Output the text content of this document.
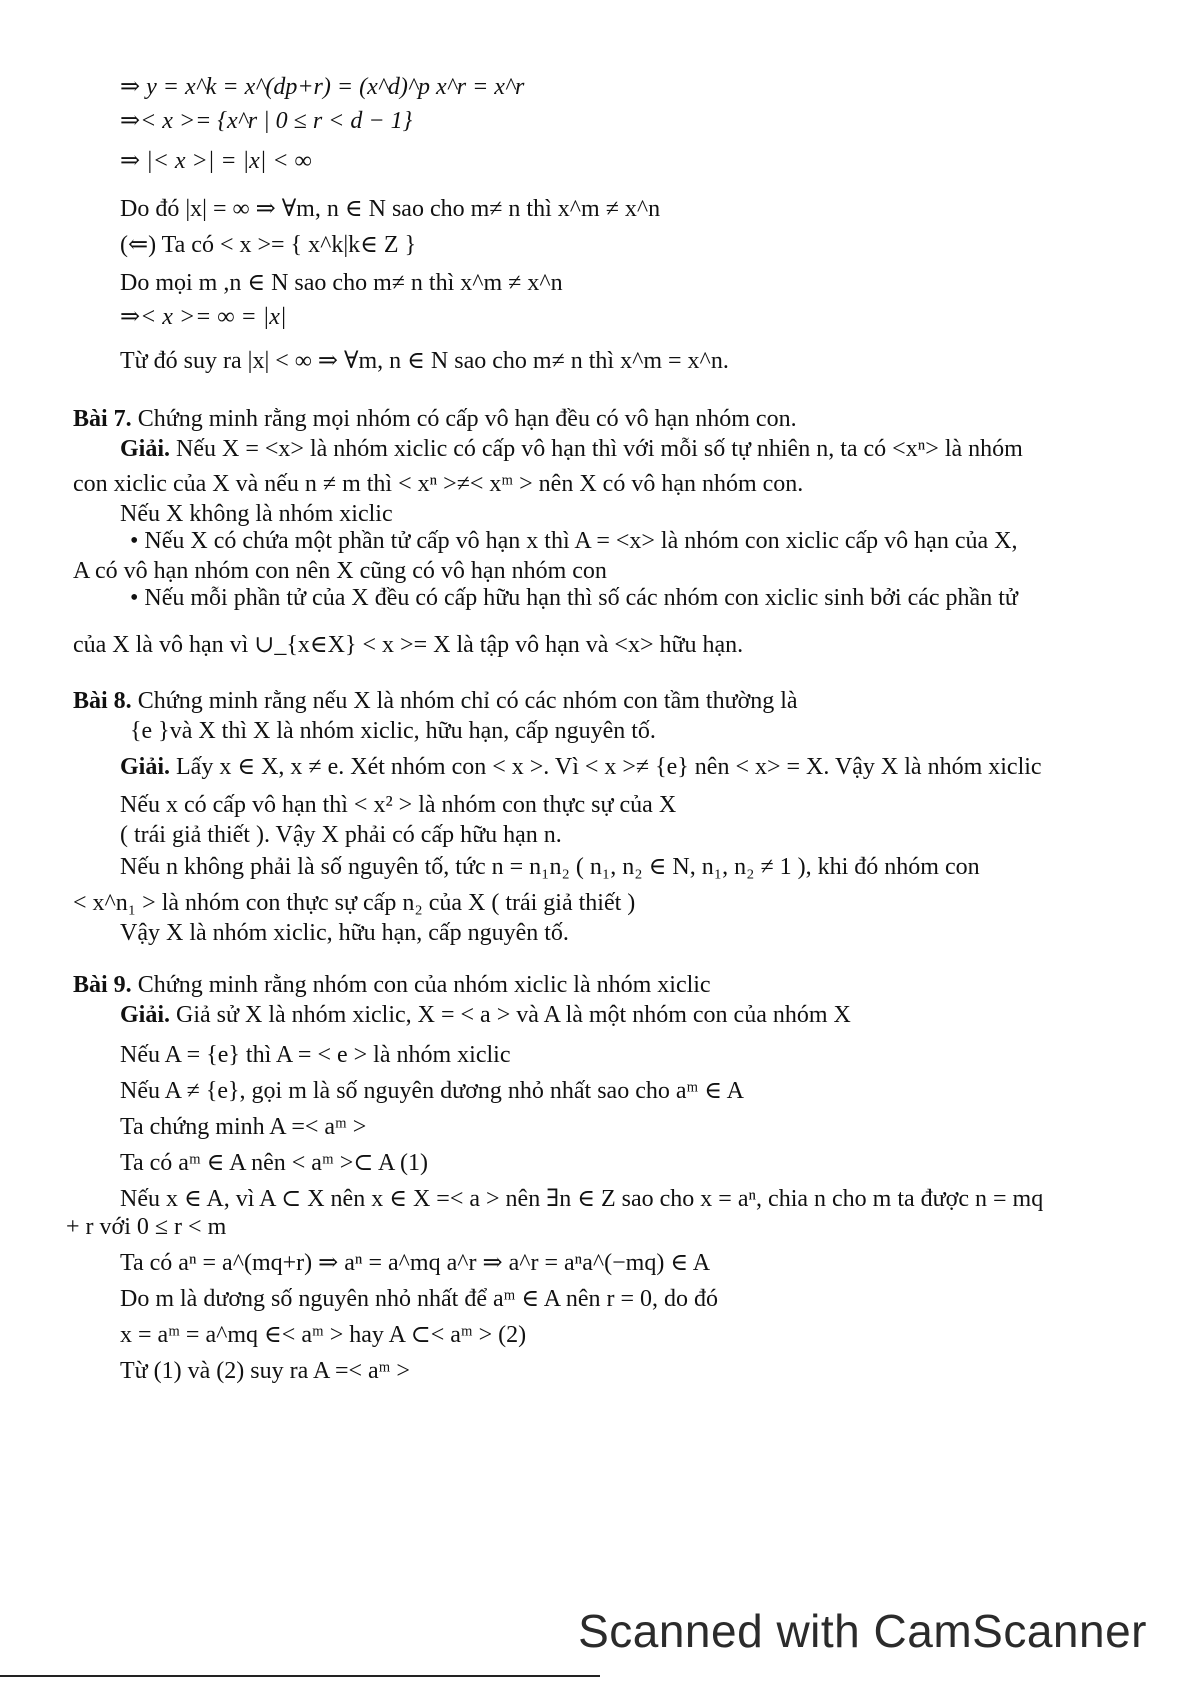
⇒ y = x^k = x^(dp+r) = (x^d)^p x^r = x^r
⇒< x >= {x^r | 0 ≤ r < d − 1}
⇒ |< x >| = |x| < ∞
Do đó |x| = ∞ ⇒ ∀m, n ∈ N sao cho m≠ n thì x^m ≠ x^n
(⇐) Ta có < x >= { x^k|k∈ Z }
Do mọi m ,n ∈ N sao cho m≠ n thì x^m ≠ x^n
⇒< x >= ∞ = |x|
Từ đó suy ra |x| < ∞ ⇒ ∀m, n ∈ N sao cho m≠ n thì x^m = x^n.
Bài 7. Chứng minh rằng mọi nhóm có cấp vô hạn đều có vô hạn nhóm con.
Giải. Nếu X = <x> là nhóm xiclic có cấp vô hạn thì với mỗi số tự nhiên n, ta có <xⁿ> là nhóm
con xiclic của X và nếu n ≠ m thì < xⁿ >≠< xᵐ > nên X có vô hạn nhóm con.
Nếu X không là nhóm xiclic
• Nếu X có chứa một phần tử cấp vô hạn x thì A = <x> là nhóm con xiclic cấp vô hạn của X,
A có vô hạn nhóm con nên X cũng có vô hạn nhóm con
• Nếu mỗi phần tử của X đều có cấp hữu hạn thì số các nhóm con xiclic sinh bởi các phần tử
của X là vô hạn vì ∪_{x∈X} < x >= X là tập vô hạn và <x> hữu hạn.
Bài 8. Chứng minh rằng nếu X là nhóm chỉ có các nhóm con tầm thường là
{e }và X thì X là nhóm xiclic, hữu hạn, cấp nguyên tố.
Giải. Lấy x ∈ X, x ≠ e. Xét nhóm con < x >. Vì < x >≠ {e} nên < x> = X. Vậy X là nhóm xiclic
Nếu x có cấp vô hạn thì < x² > là nhóm con thực sự của X
( trái giả thiết ). Vậy X phải có cấp hữu hạn n.
Nếu n không phải là số nguyên tố, tức n = n₁n₂ ( n₁, n₂ ∈ N, n₁, n₂ ≠ 1 ), khi đó nhóm con
< x^n₁ > là nhóm con thực sự cấp n₂ của X ( trái giả thiết )
Vậy X là nhóm xiclic, hữu hạn, cấp nguyên tố.
Bài 9. Chứng minh rằng nhóm con của nhóm xiclic là nhóm xiclic
Giải. Giả sử X là nhóm xiclic, X = < a > và A là một nhóm con của nhóm X
Nếu A = {e} thì A = < e > là nhóm xiclic
Nếu A ≠ {e}, gọi m là số nguyên dương nhỏ nhất sao cho aᵐ ∈ A
Ta chứng minh A =< aᵐ >
Ta có aᵐ ∈ A nên < aᵐ >⊂ A (1)
Nếu x ∈ A, vì A ⊂ X nên x ∈ X =< a > nên ∃n ∈ Z sao cho x = aⁿ, chia n cho m ta được n = mq
+ r với 0 ≤ r < m
Ta có aⁿ = a^(mq+r) ⇒ aⁿ = a^mq a^r ⇒ a^r = aⁿa^(−mq) ∈ A
Do m là dương số nguyên nhỏ nhất để aᵐ ∈ A nên r = 0, do đó
x = aᵐ = a^mq ∈< aᵐ > hay A ⊂< aᵐ > (2)
Từ (1) và (2) suy ra A =< aᵐ >
Scanned with CamScanner
